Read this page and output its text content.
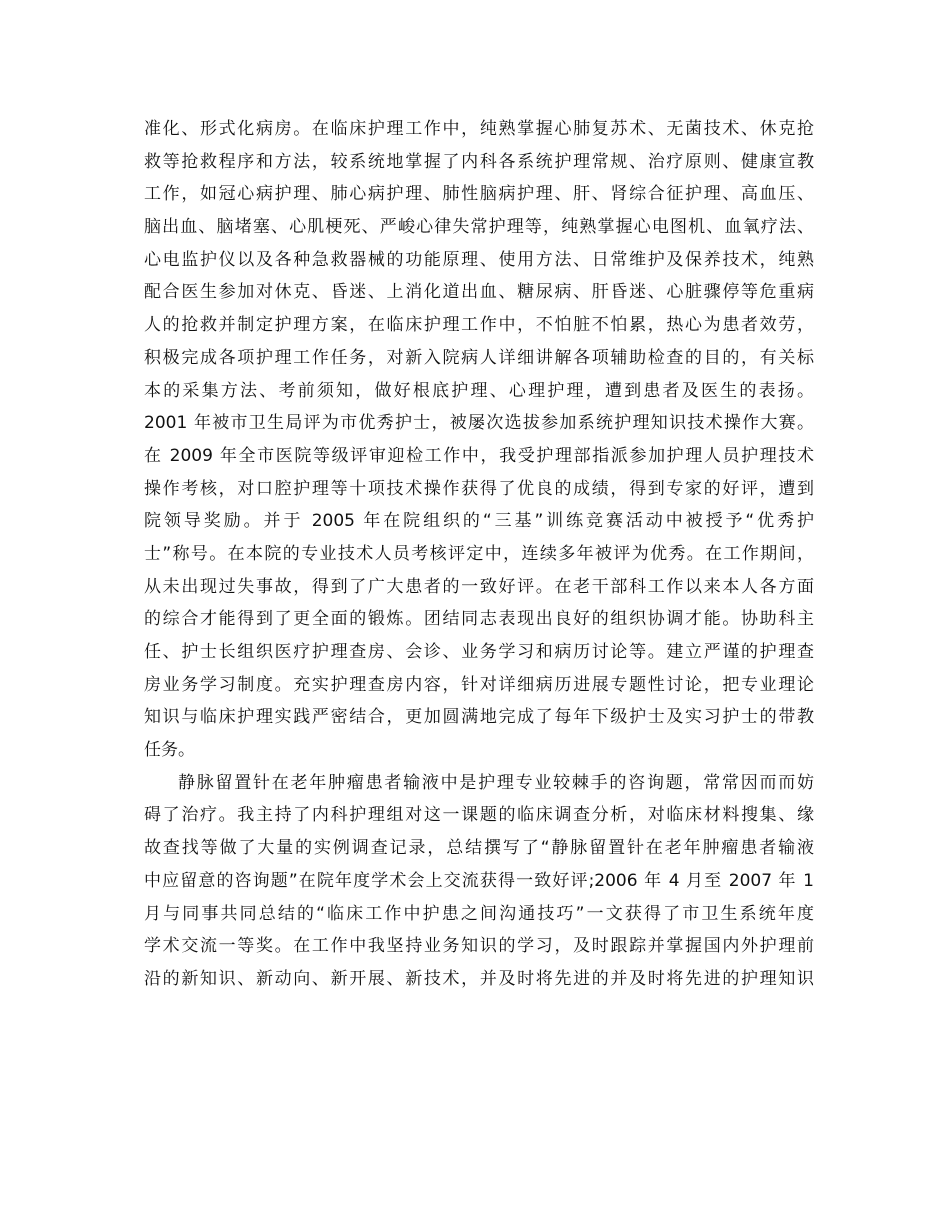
准化、形式化病房。在临床护理工作中，纯熟掌握心肺复苏术、无菌技术、休克抢
救等抢救程序和方法，较系统地掌握了内科各系统护理常规、治疗原则、健康宣教
工作，如冠心病护理、肺心病护理、肺性脑病护理、肝、肾综合征护理、高血压、
脑出血、脑堵塞、心肌梗死、严峻心律失常护理等，纯熟掌握心电图机、血氧疗法、
心电监护仪以及各种急救器械的功能原理、使用方法、日常维护及保养技术，纯熟
配合医生参加对休克、昏迷、上消化道出血、糖尿病、肝昏迷、心脏骤停等危重病
人的抢救并制定护理方案，在临床护理工作中，不怕脏不怕累，热心为患者效劳，
积极完成各项护理工作任务，对新入院病人详细讲解各项辅助检查的目的，有关标
本的采集方法、考前须知，做好根底护理、心理护理，遭到患者及医生的表扬。
2001 年被市卫生局评为市优秀护士，被屡次选拔参加系统护理知识技术操作大赛。
在 2009 年全市医院等级评审迎检工作中，我受护理部指派参加护理人员护理技术
操作考核，对口腔护理等十项技术操作获得了优良的成绩，得到专家的好评，遭到
院领导奖励。并于 2005 年在院组织的“三基”训练竞赛活动中被授予“优秀护
士”称号。在本院的专业技术人员考核评定中，连续多年被评为优秀。在工作期间，
从未出现过失事故，得到了广大患者的一致好评。在老干部科工作以来本人各方面
的综合才能得到了更全面的锻炼。团结同志表现出良好的组织协调才能。协助科主
任、护士长组织医疗护理查房、会诊、业务学习和病历讨论等。建立严谨的护理查
房业务学习制度。充实护理查房内容，针对详细病历进展专题性讨论，把专业理论
知识与临床护理实践严密结合，更加圆满地完成了每年下级护士及实习护士的带教
任务。
静脉留置针在老年肿瘤患者输液中是护理专业较棘手的咨询题，常常因而而妨
碍了治疗。我主持了内科护理组对这一课题的临床调查分析，对临床材料搜集、缘
故查找等做了大量的实例调查记录，总结撰写了“静脉留置针在老年肿瘤患者输液
中应留意的咨询题”在院年度学术会上交流获得一致好评;2006 年 4 月至 2007 年 1
月与同事共同总结的“临床工作中护患之间沟通技巧”一文获得了市卫生系统年度
学术交流一等奖。在工作中我坚持业务知识的学习，及时跟踪并掌握国内外护理前
沿的新知识、新动向、新开展、新技术，并及时将先进的并及时将先进的护理知识
